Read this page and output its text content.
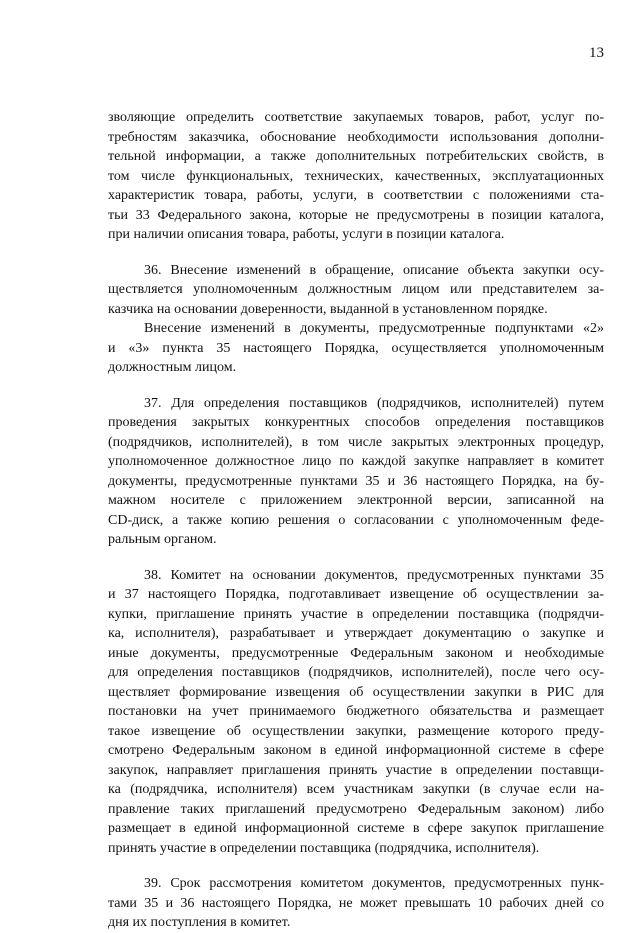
13
зволяющие определить соответствие закупаемых товаров, работ, услуг по-
требностям заказчика, обоснование необходимости использования дополни-
тельной информации, а также дополнительных потребительских свойств, в
том числе функциональных, технических, качественных, эксплуатационных
характеристик товара, работы, услуги, в соответствии с положениями ста-
тьи 33 Федерального закона, которые не предусмотрены в позиции каталога,
при наличии описания товара, работы, услуги в позиции каталога.
36. Внесение изменений в обращение, описание объекта закупки осу-
ществляется уполномоченным должностным лицом или представителем за-
казчика на основании доверенности, выданной в установленном порядке.
Внесение изменений в документы, предусмотренные подпунктами «2»
и «3» пункта 35 настоящего Порядка, осуществляется уполномоченным
должностным лицом.
37. Для определения поставщиков (подрядчиков, исполнителей) путем
проведения закрытых конкурентных способов определения поставщиков
(подрядчиков, исполнителей), в том числе закрытых электронных процедур,
уполномоченное должностное лицо по каждой закупке направляет в комитет
документы, предусмотренные пунктами 35 и 36 настоящего Порядка, на бу-
мажном носителе с приложением электронной версии, записанной на
CD-диск, а также копию решения о согласовании с уполномоченным феде-
ральным органом.
38. Комитет на основании документов, предусмотренных пунктами 35
и 37 настоящего Порядка, подготавливает извещение об осуществлении за-
купки, приглашение принять участие в определении поставщика (подрядчи-
ка, исполнителя), разрабатывает и утверждает документацию о закупке и
иные документы, предусмотренные Федеральным законом и необходимые
для определения поставщиков (подрядчиков, исполнителей), после чего осу-
ществляет формирование извещения об осуществлении закупки в РИС для
постановки на учет принимаемого бюджетного обязательства и размещает
такое извещение об осуществлении закупки, размещение которого преду-
смотрено Федеральным законом в единой информационной системе в сфере
закупок, направляет приглашения принять участие в определении поставщи-
ка (подрядчика, исполнителя) всем участникам закупки (в случае если на-
правление таких приглашений предусмотрено Федеральным законом) либо
размещает в единой информационной системе в сфере закупок приглашение
принять участие в определении поставщика (подрядчика, исполнителя).
39. Срок рассмотрения комитетом документов, предусмотренных пунк-
тами 35 и 36 настоящего Порядка, не может превышать 10 рабочих дней со
дня их поступления в комитет.
